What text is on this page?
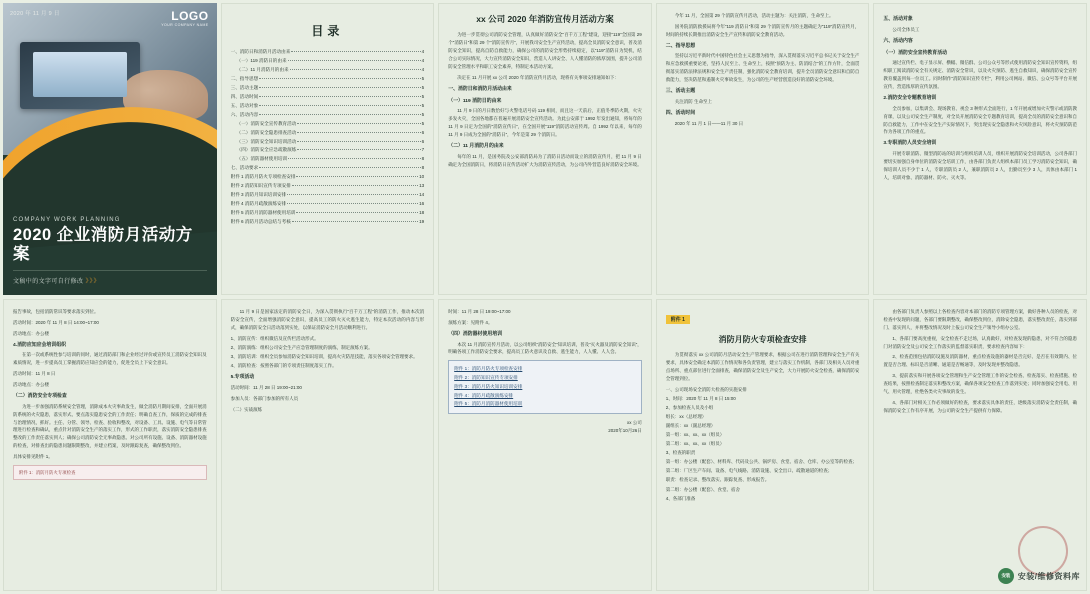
2020 年 11 月 9 日	LOGO
YOUR COMPANY NAME
COMPANY WORK PLANNING
2020 企业消防月活动方案
文稿中的文字可自行修改 》》》
目录
一、消防日和消防月活动由来	4
（一）119 消防日的由来	4
（二）11 月消防月的由来	4
二、指导思想	5
三、活动主题	5
四、活动时间	5
五、活动对象	5
六、活动内容	5
（一）消防安全宣传教育活动	5
（二）消防安全隐患排查活动	6
（三）消防安全知识培训活动	6
（四）消防安全应急疏散演练	7
（五）消防器材使用培训	8
七、活动要求	8
附件 1 消防月防火专项检查安排	10
附件 2 消防知识宣传专项安排	13
附件 3 消防月知识培训安排	14
附件 4 消防月疏散演练安排	16
附件 5 消防月消防器材使用培训	18
附件 6 消防月活动总结与考核	19
xx 公司 2020 年消防宣传月活动方案

为进一步贯彻公司消防安全管理，认真做好消防安全“百千万工程”建设，迎接“119”全国第 29 个“消防日”和第 29 个“消防宣传月”，开展我司安全生产宣传活动，提高全员消防安全意识，普及消防安全知识，提高自防自救能力，确保公司的消防安全形势持续稳定，以“119”消防日为契机，结合公司实际情况，大力宣传消防安全知识，营造人人讲安全、人人懂消防的浓厚氛围，提升公司消防安全管理水平和职工安全素养，特制定本活动方案。

决定在 11 月开展 xx 公司 2020 年消防宣传月活动，现将有关事项安排通知如下：

一、消防日和消防月活动由来
（一）119 消防日的由来

11 月 9 日的月日数恰好与火警电话号码 119 相同，而且这一天前后，正值冬季防火期，火灾多发火灾，全国各地都在普遍开展消防安全宣传活动。为此公安部于 1992 年发出通知，将每年的 11 月 9 日定为全国的“消防宣传日”，在全国开展“119”消防活动宣传周。自 1992 年以来，每年的 11 月 9 日成为全国的“消防日”，今年是第 29 个消防日。

（二）11 月消防月的由来

每年的 11 月，是国务院及公安部消防局为了消防日活动而设立的消防宣传月，把 11 月 9 日确定为全国消防日，将消防日宣传活动扩大为消防宣传活动，为公司内外营造良好消防安全环境。

今年 11 月，全国第 29 个消防宣传月活动，活动主题为：关注消防，生命至上。

国务院消防救援局将今年“119 消防日”和第 29 个消防宣传月的主题确定为“119”消防宣传月，时间的持续长期推出消防安全生产宣传和消防安全教育活动。

二、指导思想

坚持以习近平新时代中国特色社会主义思想为指导，深入贯彻落实习近平总书记关于安全生产和应急救援重要论述，坚持人民至上、生命至上，按照“预防为主、防消结合”的工作方针，全面贯彻落实消防法律法规和安全生产责任制，强化消防安全教育培训，提升全员消防安全意识和自防自救能力，坚决防范和遏制火灾事故发生，为公司的生产经营创造良好的消防安全环境。

三、活动主题

关注消防 生命至上

四、活动时间

2020 年 11 月 1 日——11 月 30 日

五、活动对象

公司全体员工

六、活动内容
（一）消防安全宣传教育活动

通过宣传栏、电子显示屏、横幅、微信群、公司公众号等形式使用消防安全知识宣传资料，组织职工阅读消防安全有关规定、消防安全常识，以及火灾预防、逃生自救知识，确保消防安全宣传教育覆盖到每一位员工。同时制作“消防知识宣传专栏”，利用公司网站、微信、公众号等平台开展宣传，营造浓厚的宣传氛围。

2.消防安全专题教育培训

全员参加，以集训会、现场教育、视会 3 种形式全面进行，1 年开展或增加火灾警示或消防教育课，以及公司安全生产制度，对全员开展消防安全专题教育培训，提高全员的消防安全意识和自防自救能力，工作中在安全生产实际情况下，突出现实安全隐患和火灾风险意识，将火灾预防防范作为各项工作的重点。

3.专职消防人员安全培训

开展专职消防、微型消防站的培训与组织培训人员，组织开展消防安全培训活动，公司各部门要切实加强自身单位的消防安全培训工作，由各部门负责人组织本部门员工学习消防安全知识，确保培训人员不少于 1 人，专职消防员 2 人，兼职消防员 2 人，出勤员至少 3 人，具体由本部门 1 人，培训对象、消防器材、防火、灭火等。

报告事故，包括消防常识等要求落实到位。

活动时间：2020 年 11 月 8 日 14:00~17:00

活动地点：办公楼

4.消防应知应会培训组织

在第一次或系统性参与培训的同时，通过消防部门和企业经过评价或宣传员工消防安全知识及素质情况，进一步提高员工掌握消防应知应会的能力，促进全员上下安全意识。

活动时间：11 月 8 日

活动地点：办公楼

（二）消防安全专项检查

为进一步加强消防系统安全管理，消除成本火灾事故发生，做全消防月期间安排，全面开展消防系统的火灾隐患，落实形式、要点落实隐患安全的工作责任；明确自查工作，保质的完成的排查与治理情况，抓好。主任、分管、领导、检查、验收和整改，对设备、工具、设施、电气等日常管理进行检查和确认，重点针对消防安全生产的落实工作，形式的工作职责，落实消防安全隐患排查整改的工作责任落实到人；确保公司消防安全无事故隐患。对公司所有设施、设备、消防器材设施的检查，对排查出的隐患问题限期整改，并建立档案，及时跟踪复查，确保整改到位。

具体安排见附件 1。

附件 1：消防月防火专项检查

11 月 9 日是国家法定的消防安全日，为深入贯彻执行“百千万工程”的消防工作，推动本次消防安全宣传，全面增强消防安全意识，提高员工的防火灭火逃生能力，特定本次活动的内容与形式，确保消防安全日活动落到实处，以保证消防安全月活动顺利进行。

1、消防宣传：组织微信及宣传栏活动形式。
2、消防演练：组织公司安全生产应急管理制度的演练，制定演练方案。
3、消防培训：组织全员参加消防安全知识培训，提高火灾防范技能，落实各项安全管理要求。
4、消防检查：按照各部门的专项责任制度落实工作。
5.专项活动

活动时间：11 月 28 日 19:00~21:00

参加人员：各部门参加的所有人员

（二）实战演练

时间：11 月 28 日 19:00~17:00

演练方案：见附件 4。

（四）消防器材使用培训

本次 11 月消防宣传月活动，以公司组织“消防安全”知识培训，普及“灭火器及消防安全知识”，明确各项工作消防安全要求，提高员工防火意识及自救、逃生能力，人人懂、人人会。

附件 1：消防月防火专项检查安排
附件 2：消防知识宣传专项安排
附件 3：消防月防火知识培训安排
附件 4：消防月疏散演练安排
附件 5：消防月消防器材使用培训
xx 公司
2020年10月26日
附件 1
消防月防火专项检查安排

为贯彻落实 xx 公司消防月活动安全生产管理要求，根据公司在进行消防管理和安全生产有关要求，具体安全确定本消防工作情况和各负责管理，建立与落实工作机制，各部门及相关人员对重点场所、重点部位进行全面排查，确保消防安全及生产安全，大力开展防火安全检查，确保消防安全管理到位。

一、公司现场安全消防大检查的实施安排
1、时间：2020 年 11 月 8 日 15:00
2、参加检查人员及小组
组长：xx（总经理）
副组长：xx（副总经理）
第一组：xx、xx、xx（组员）
第二组：xx、xx、xx（组员）
3、检查的职责
第一组：办公楼（配套）、材料库、代码及公共、锅炉房、食堂、宿舍、仓库、办公室等的检查；
第二组：厂区生产车间、设备、电气线路、消防设施、安全出口、疏散通道的检查；
职责：检查记录、整改落实、跟踪复查、形成报告。
第二组：办公楼（配套）、食堂、宿舍
4、各部门准备

由各部门负责人参照以上各检查内容对本部门的消防专项管理方案，做好各种人员的检查，对检查中发现的问题，各部门要限期整改，确保整改到位，消除安全隐患，落实整改责任，落实到部门、落实到人，并将整改情况及时上报公司安全生产领导小组办公室。

1、各部门要高度重视，安全检查不走过场，认真做好，对检查发现的隐患，对不符合的隐患门对消防安全及公司安全工作落实的监督落实职责，要求检查内容如下：

2、检查范围包括消防设施及消防器材，重点检查设施的器材是否完好、是否在有效期内、位置是否合理、标识是否清晰、通道是否畅通等，及时发现并整改隐患。

3、提前落实和开展各项安全管理和生产安全管理工作的安全检查、检查落实、检查措施、检查结果，按照检查制定落实和整改方案，确保各项安全检查工作落到实处；同时加强安全用电、用气、用火管理，杜绝各类火灾事故的发生。

4、各部门对相关工作必须做好的检查，要求落实具体的责任，逐级落实消防安全责任制，确保消防安全工作有序开展，为公司的安全生产提供有力保障。

安装 安装/维修资料库
